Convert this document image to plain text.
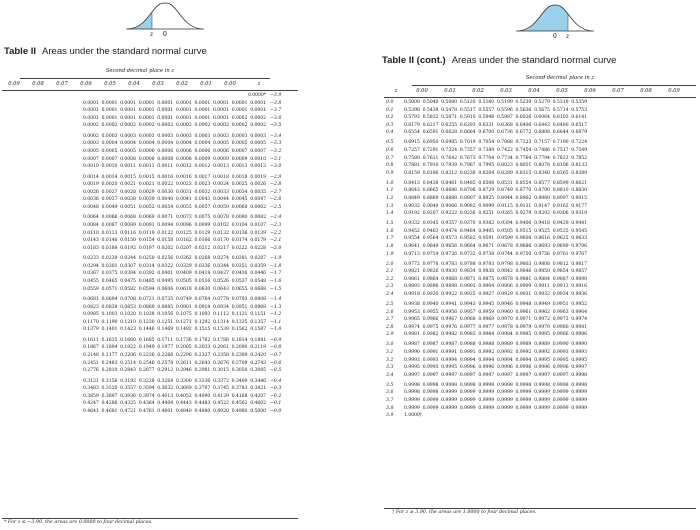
z 0
Table II Areas under the standard normal curve
Second decimal place in z
0.09	0.08	0.07	0.06	0.05	0.04	0.03	0.02	0.01	0.00	z
0.0000* −3.9
0.0001  0.0001  0.0001  0.0001  0.0001  0.0001  0.0001  0.0001  0.0001  0.0001 −3.8
0.0001  0.0001  0.0001  0.0001  0.0001  0.0001  0.0001  0.0001  0.0001  0.0001 −3.7
0.0001  0.0001  0.0001  0.0001  0.0001  0.0001  0.0001  0.0001  0.0002  0.0002 −3.6
0.0002  0.0002  0.0002  0.0002  0.0002  0.0002  0.0002  0.0002  0.0002  0.0002 −3.5
0.0002  0.0003  0.0003  0.0003  0.0003  0.0003  0.0003  0.0003  0.0003  0.0003 −3.4
0.0003  0.0004  0.0004  0.0004  0.0004  0.0004  0.0004  0.0005  0.0005  0.0005 −3.3
0.0005  0.0005  0.0005  0.0006  0.0006  0.0006  0.0006  0.0006  0.0007  0.0007 −3.2
0.0007  0.0007  0.0008  0.0008  0.0008  0.0008  0.0009  0.0009  0.0009  0.0010 −3.1
0.0010  0.0010  0.0011  0.0011  0.0011  0.0012  0.0012  0.0013  0.0013  0.0013 −3.0
0.0014  0.0014  0.0015  0.0015  0.0016  0.0016  0.0017  0.0018  0.0018  0.0019 −2.9
0.0019  0.0020  0.0021  0.0021  0.0022  0.0023  0.0023  0.0024  0.0025  0.0026 −2.8
0.0026  0.0027  0.0028  0.0029  0.0030  0.0031  0.0032  0.0033  0.0034  0.0035 −2.7
0.0036  0.0037  0.0038  0.0039  0.0040  0.0041  0.0043  0.0044  0.0045  0.0047 −2.6
0.0048  0.0049  0.0051  0.0052  0.0054  0.0055  0.0057  0.0059  0.0060  0.0062 −2.5
0.0064  0.0066  0.0068  0.0069  0.0071  0.0073  0.0075  0.0078  0.0080  0.0082 −2.4
0.0084  0.0087  0.0089  0.0091  0.0094  0.0096  0.0099  0.0102  0.0104  0.0107 −2.3
0.0110  0.0113  0.0116  0.0119  0.0122  0.0125  0.0129  0.0132  0.0136  0.0139 −2.2
0.0143  0.0146  0.0150  0.0154  0.0158  0.0162  0.0166  0.0170  0.0174  0.0179 −2.1
0.0183  0.0188  0.0192  0.0197  0.0202  0.0207  0.0212  0.0217  0.0222  0.0228 −2.0
0.0233  0.0239  0.0244  0.0250  0.0256  0.0262  0.0268  0.0274  0.0281  0.0287 −1.9
0.0294  0.0301  0.0307  0.0314  0.0322  0.0329  0.0336  0.0344  0.0351  0.0359 −1.8
0.0367  0.0375  0.0384  0.0392  0.0401  0.0409  0.0418  0.0427  0.0436  0.0446 −1.7
0.0455  0.0465  0.0475  0.0485  0.0495  0.0505  0.0516  0.0526  0.0537  0.0548 −1.6
0.0559  0.0571  0.0582  0.0594  0.0606  0.0618  0.0630  0.0643  0.0655  0.0668 −1.5
0.0681  0.0694  0.0708  0.0721  0.0735  0.0749  0.0764  0.0778  0.0793  0.0808 −1.4
0.0823  0.0838  0.0853  0.0869  0.0885  0.0901  0.0918  0.0934  0.0951  0.0968 −1.3
0.0985  0.1003  0.1020  0.1038  0.1056  0.1075  0.1093  0.1112  0.1131  0.1151 −1.2
0.1170  0.1190  0.1210  0.1230  0.1251  0.1271  0.1292  0.1314  0.1335  0.1357 −1.1
0.1379  0.1401  0.1423  0.1446  0.1469  0.1492  0.1515  0.1539  0.1562  0.1587 −1.0
0.1611  0.1635  0.1660  0.1685  0.1711  0.1736  0.1762  0.1788  0.1814  0.1841 −0.9
0.1867  0.1894  0.1922  0.1949  0.1977  0.2005  0.2033  0.2061  0.2090  0.2119 −0.8
0.2148  0.2177  0.2206  0.2236  0.2266  0.2296  0.2327  0.2358  0.2389  0.2420 −0.7
0.2451  0.2483  0.2514  0.2546  0.2578  0.2611  0.2643  0.2676  0.2709  0.2743 −0.6
0.2776  0.2810  0.2843  0.2877  0.2912  0.2946  0.2981  0.3015  0.3050  0.3085 −0.5
0.3121  0.3156  0.3192  0.3228  0.3264  0.3300  0.3336  0.3372  0.3409  0.3446 −0.4
0.3483  0.3520  0.3557  0.3594  0.3632  0.3669  0.3707  0.3745  0.3783  0.3821 −0.3
0.3859  0.3897  0.3936  0.3974  0.4013  0.4052  0.4090  0.4129  0.4168  0.4207 −0.2
0.4247  0.4286  0.4325  0.4364  0.4404  0.4443  0.4483  0.4522  0.4562  0.4602 −0.1
0.4641  0.4681  0.4721  0.4761  0.4801  0.4840  0.4880  0.4920  0.4960  0.5000 −0.0
* For z ≤ −3.90, the areas are 0.0000 to four decimal places.
0 z
Table II (cont.) Areas under the standard normal curve
Second decimal place in z
z	0.00	0.01	0.02	0.03	0.04	0.05	0.06	0.07	0.08	0.09
0.0	0.5000  0.5040  0.5080  0.5120  0.5160  0.5199  0.5239  0.5279  0.5319  0.5359
0.1	0.5398  0.5438  0.5478  0.5517  0.5557  0.5596  0.5636  0.5675  0.5714  0.5753
0.2	0.5793  0.5832  0.5871  0.5910  0.5948  0.5987  0.6026  0.6064  0.6103  0.6141
0.3	0.6179  0.6217  0.6255  0.6293  0.6331  0.6368  0.6406  0.6443  0.6480  0.6517
0.4	0.6554  0.6591  0.6628  0.6664  0.6700  0.6736  0.6772  0.6808  0.6844  0.6879
0.5	0.6915  0.6950  0.6985  0.7019  0.7054  0.7088  0.7123  0.7157  0.7190  0.7224
0.6	0.7257  0.7291  0.7324  0.7357  0.7389  0.7422  0.7454  0.7486  0.7517  0.7549
0.7	0.7580  0.7611  0.7642  0.7673  0.7704  0.7734  0.7764  0.7794  0.7823  0.7852
0.8	0.7881  0.7910  0.7939  0.7967  0.7995  0.8023  0.8051  0.8078  0.8106  0.8133
0.9	0.8159  0.8186  0.8212  0.8238  0.8264  0.8289  0.8315  0.8340  0.8365  0.8389
1.0	0.8413  0.8438  0.8461  0.8485  0.8508  0.8531  0.8554  0.8577  0.8599  0.8621
1.1	0.8643  0.8665  0.8686  0.8708  0.8729  0.8749  0.8770  0.8790  0.8810  0.8830
1.2	0.8849  0.8869  0.8888  0.8907  0.8925  0.8944  0.8962  0.8980  0.8997  0.9015
1.3	0.9032  0.9049  0.9066  0.9082  0.9099  0.9115  0.9131  0.9147  0.9162  0.9177
1.4	0.9192  0.9207  0.9222  0.9236  0.9251  0.9265  0.9279  0.9292  0.9306  0.9319
1.5	0.9332  0.9345  0.9357  0.9370  0.9382  0.9394  0.9406  0.9418  0.9429  0.9441
1.6	0.9452  0.9463  0.9474  0.9484  0.9495  0.9505  0.9515  0.9525  0.9535  0.9545
1.7	0.9554  0.9564  0.9573  0.9582  0.9591  0.9599  0.9608  0.9616  0.9625  0.9633
1.8	0.9641  0.9649  0.9656  0.9664  0.9671  0.9678  0.9686  0.9693  0.9699  0.9706
1.9	0.9713  0.9719  0.9726  0.9732  0.9738  0.9744  0.9750  0.9756  0.9761  0.9767
2.0	0.9772  0.9778  0.9783  0.9788  0.9793  0.9798  0.9803  0.9808  0.9812  0.9817
2.1	0.9821  0.9826  0.9830  0.9834  0.9838  0.9842  0.9846  0.9850  0.9854  0.9857
2.2	0.9861  0.9864  0.9868  0.9871  0.9875  0.9878  0.9881  0.9884  0.9887  0.9890
2.3	0.9893  0.9896  0.9898  0.9901  0.9904  0.9906  0.9909  0.9911  0.9913  0.9916
2.4	0.9918  0.9920  0.9922  0.9925  0.9927  0.9929  0.9931  0.9932  0.9934  0.9936
2.5	0.9938  0.9940  0.9941  0.9943  0.9945  0.9946  0.9948  0.9949  0.9951  0.9952
2.6	0.9953  0.9955  0.9956  0.9957  0.9959  0.9960  0.9961  0.9962  0.9963  0.9964
2.7	0.9965  0.9966  0.9967  0.9968  0.9969  0.9970  0.9971  0.9972  0.9973  0.9974
2.8	0.9974  0.9975  0.9976  0.9977  0.9977  0.9978  0.9979  0.9979  0.9980  0.9981
2.9	0.9981  0.9982  0.9982  0.9983  0.9984  0.9984  0.9985  0.9985  0.9986  0.9986
3.0	0.9987  0.9987  0.9987  0.9988  0.9988  0.9989  0.9989  0.9989  0.9990  0.9990
3.1	0.9990  0.9991  0.9991  0.9991  0.9992  0.9992  0.9992  0.9992  0.9993  0.9993
3.2	0.9993  0.9993  0.9994  0.9994  0.9994  0.9994  0.9994  0.9995  0.9995  0.9995
3.3	0.9995  0.9995  0.9995  0.9996  0.9996  0.9996  0.9996  0.9996  0.9996  0.9997
3.4	0.9997  0.9997  0.9997  0.9997  0.9997  0.9997  0.9997  0.9997  0.9997  0.9998
3.5	0.9998  0.9998  0.9998  0.9998  0.9998  0.9998  0.9998  0.9998  0.9998  0.9998
3.6	0.9998  0.9998  0.9999  0.9999  0.9999  0.9999  0.9999  0.9999  0.9999  0.9999
3.7	0.9999  0.9999  0.9999  0.9999  0.9999  0.9999  0.9999  0.9999  0.9999  0.9999
3.8	0.9999  0.9999  0.9999  0.9999  0.9999  0.9999  0.9999  0.9999  0.9999  0.9999
3.9	1.0000†
† For z ≥ 3.90, the areas are 1.0000 to four decimal places.
